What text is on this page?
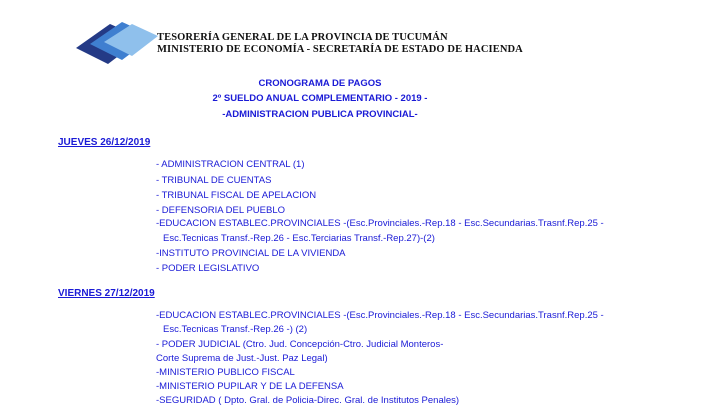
TESORERÍA GENERAL DE LA PROVINCIA DE TUCUMÁN
MINISTERIO DE ECONOMÍA - SECRETARÍA DE ESTADO DE HACIENDA
CRONOGRAMA DE PAGOS
2º SUELDO ANUAL COMPLEMENTARIO - 2019 -
-ADMINISTRACION PUBLICA PROVINCIAL-
JUEVES 26/12/2019
- ADMINISTRACION CENTRAL (1)
- TRIBUNAL DE CUENTAS
- TRIBUNAL FISCAL DE APELACION
- DEFENSORIA DEL PUEBLO
-EDUCACION ESTABLEC.PROVINCIALES -(Esc.Provinciales.-Rep.18 - Esc.Secundarias.Trasnf.Rep.25 -
Esc.Tecnicas Transf.-Rep.26 - Esc.Terciarias Transf.-Rep.27)-(2)
-INSTITUTO PROVINCIAL DE LA VIVIENDA
- PODER LEGISLATIVO
VIERNES 27/12/2019
-EDUCACION ESTABLEC.PROVINCIALES -(Esc.Provinciales.-Rep.18 - Esc.Secundarias.Trasnf.Rep.25 -
Esc.Tecnicas Transf.-Rep.26 -) (2)
- PODER JUDICIAL (Ctro. Jud. Concepción-Ctro. Judicial Monteros-
Corte Suprema de Just.-Just. Paz Legal)
-MINISTERIO PUBLICO FISCAL
-MINISTERIO PUPILAR Y DE LA DEFENSA
-SEGURIDAD ( Dpto. Gral. de Policia-Direc. Gral. de Institutos Penales)
